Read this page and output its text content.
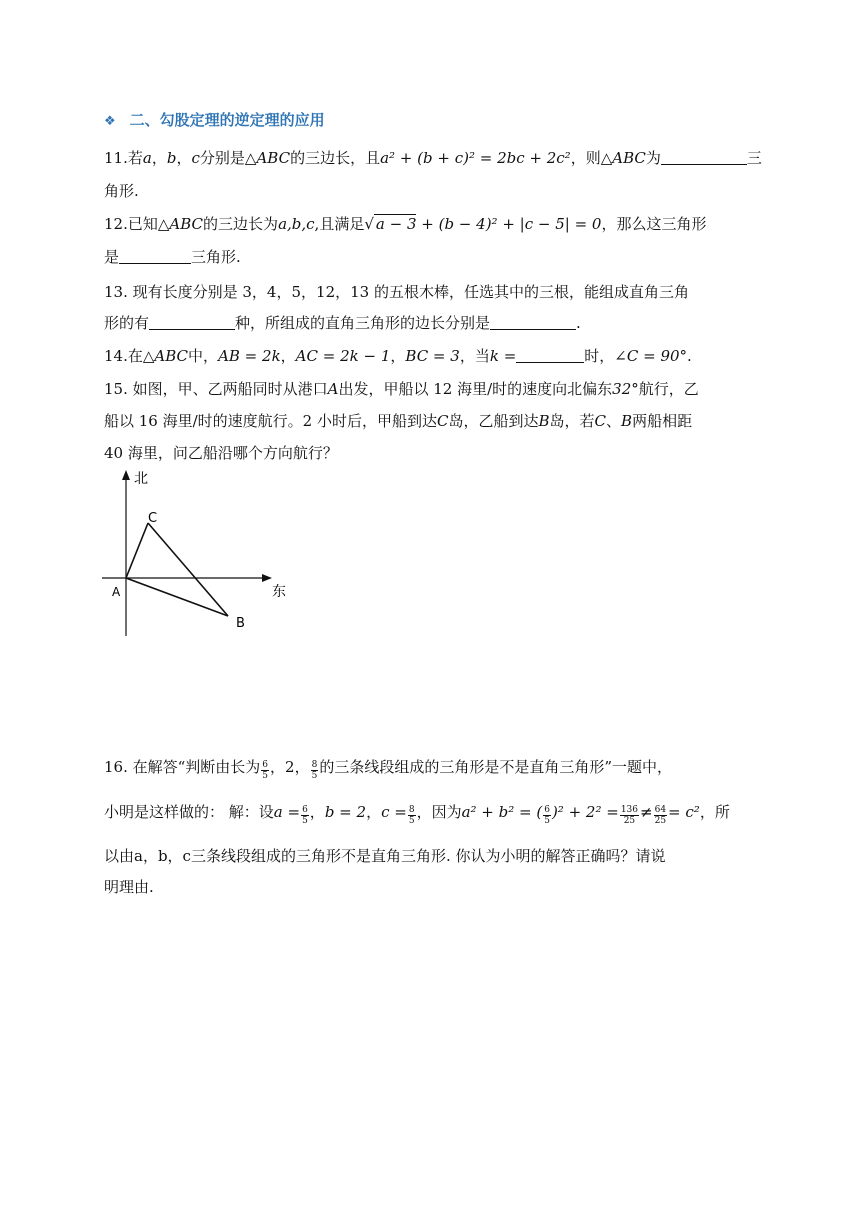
❖ 二、勾股定理的逆定理的应用
11.若a，b，c分别是△ABC的三边长，且a² + (b + c)² = 2bc + 2c²，则△ABC为	三
角形.
12.已知△ABC的三边长为a,b,c,且满足√ a − 3 + (b − 4)² + |c − 5| = 0，那么这三角形
是	三角形.
13. 现有长度分别是 3，4，5，12，13 的五根木棒，任选其中的三根，能组成直角三角
形的有	种，所组成的直角三角形的边长分别是	.
14.在△ABC中，AB = 2k，AC = 2k − 1，BC = 3，当k =	时，∠C = 90°.
15. 如图，甲、乙两船同时从港口A出发，甲船以 12 海里/时的速度向北偏东32°航行，乙
船以 16 海里/时的速度航行。2 小时后，甲船到达C岛，乙船到达B岛，若C、B两船相距
40 海里，问乙船沿哪个方向航行？
北
东
A
C
B
16. 在解答“判断由长为 $\frac{6}{5}$ ，2， $\frac{8}{5}$ 的三条线段组成的三角形是不是直角三角形”一题中，
小明是这样做的： 解：设$a = \frac{6}{5}$ ，b = 2，$c = \frac{8}{5}$ ，因为a² + b² = ( $\frac{6}{5} )^2 + 2^2 = \frac{136}{25} \ne \frac{64}{25} = c^2$，所
以由a，b，c三条线段组成的三角形不是直角三角形. 你认为小明的解答正确吗？请说
明理由.
